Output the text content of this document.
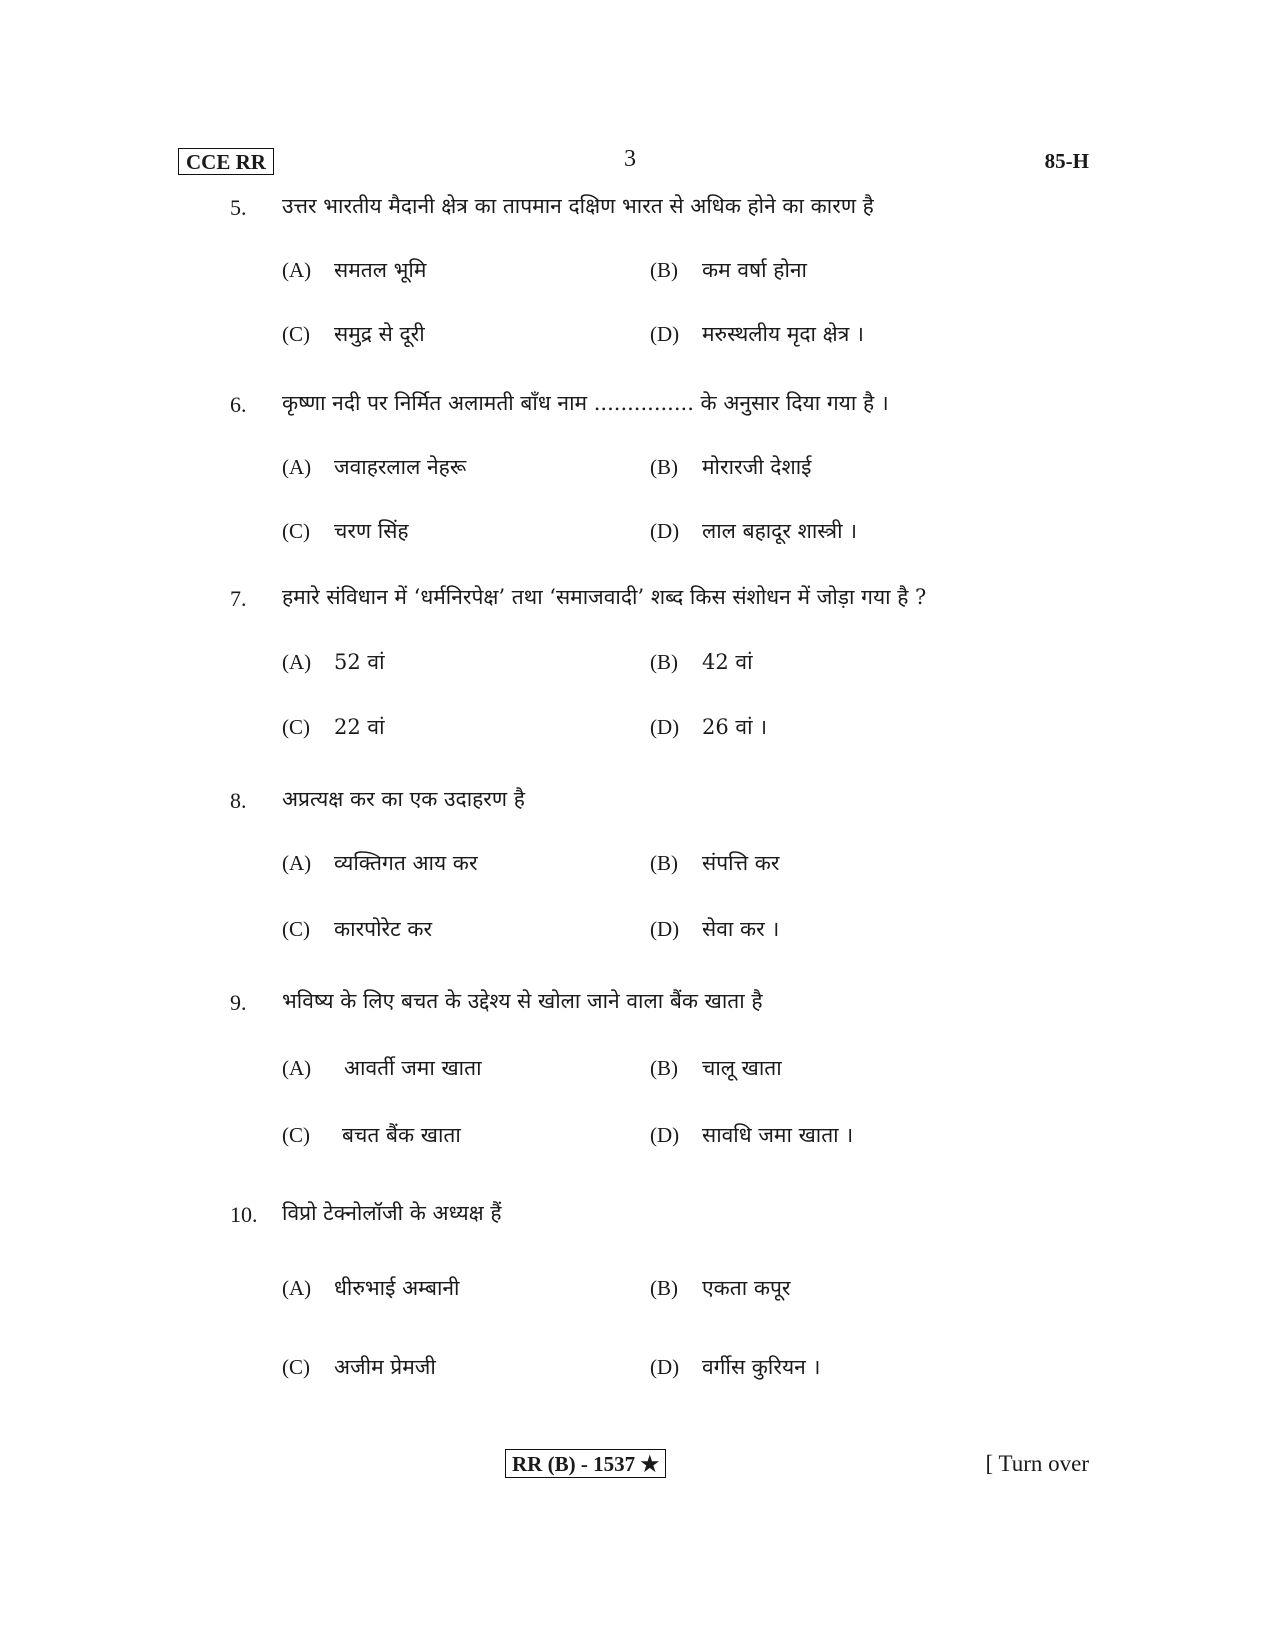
CCE RR	3	85-H
5. उत्तर भारतीय मैदानी क्षेत्र का तापमान दक्षिण भारत से अधिक होने का कारण है
(A)	समतल भूमि	(B)	कम वर्षा होना
(C)	समुद्र से दूरी	(D)	मरुस्थलीय मृदा क्षेत्र ।
6. कृष्णा नदी पर निर्मित अलामती बाँध नाम ............... के अनुसार दिया गया है ।
(A)	जवाहरलाल नेहरू	(B)	मोरारजी देशाई
(C)	चरण सिंह	(D)	लाल बहादूर शास्त्री ।
7. हमारे संविधान में ‘धर्मनिरपेक्ष’ तथा ‘समाजवादी’ शब्द किस संशोधन में जोड़ा गया है ?
(A)	52 वां	(B)	42 वां
(C)	22 वां	(D)	26 वां ।
8. अप्रत्यक्ष कर का एक उदाहरण है
(A)	व्यक्तिगत आय कर	(B)	संपत्ति कर
(C)	कारपोरेट कर	(D)	सेवा कर ।
9. भविष्य के लिए बचत के उद्देश्य से खोला जाने वाला बैंक खाता है
(A)	आवर्ती जमा खाता	(B)	चालू खाता
(C)	बचत बैंक खाता	(D)	सावधि जमा खाता ।
10. विप्रो टेक्नोलॉजी के अध्यक्ष हैं
(A)	धीरुभाई अम्बानी	(B)	एकता कपूर
(C)	अजीम प्रेमजी	(D)	वर्गीस कुरियन ।
RR (B) - 1537 ★	[ Turn over
